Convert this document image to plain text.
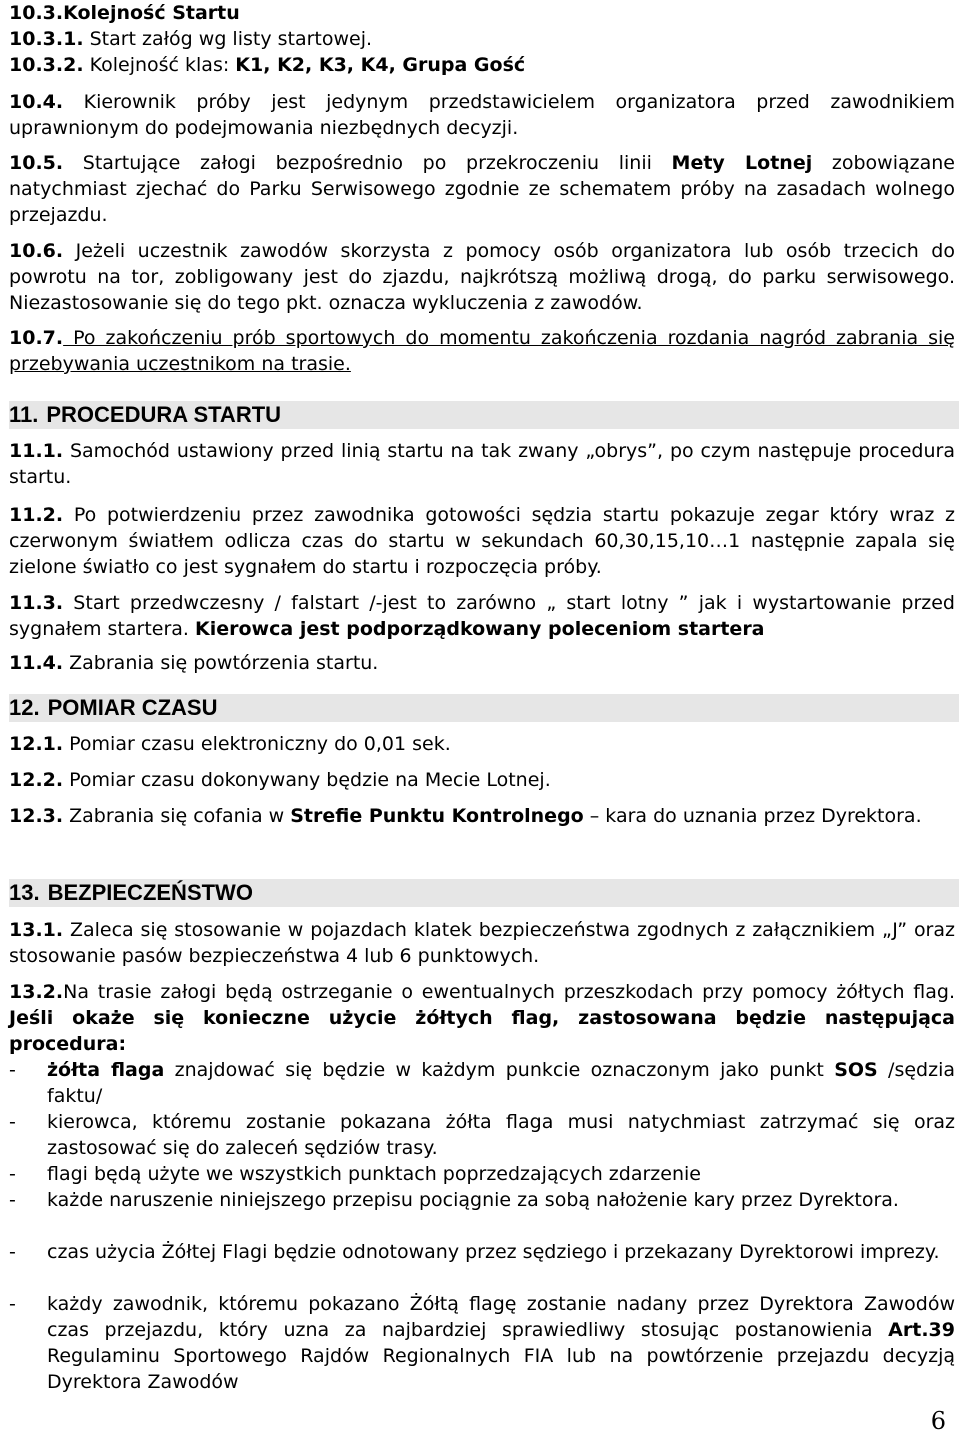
10.3.Kolejność Startu
10.3.1. Start załóg wg listy startowej.
10.3.2. Kolejność klas: K1, K2, K3, K4, Grupa Gość
10.4. Kierownik próby jest jedynym przedstawicielem organizatora przed zawodnikiem uprawnionym do podejmowania niezbędnych decyzji.
10.5. Startujące załogi bezpośrednio po przekroczeniu linii Mety Lotnej zobowiązane natychmiast zjechać do Parku Serwisowego zgodnie ze schematem próby na zasadach wolnego przejazdu.
10.6. Jeżeli uczestnik zawodów skorzysta z pomocy osób organizatora lub osób trzecich do powrotu na tor, zobligowany jest do zjazdu, najkrótszą możliwą drogą, do parku serwisowego. Niezastosowanie się do tego pkt. oznacza wykluczenia z zawodów.
10.7. Po zakończeniu prób sportowych do momentu zakończenia rozdania nagród zabrania się przebywania uczestnikom na trasie.
11. PROCEDURA STARTU
11.1. Samochód ustawiony przed linią startu na tak zwany „obrys”, po czym następuje procedura startu.
11.2. Po potwierdzeniu przez zawodnika gotowości sędzia startu pokazuje zegar który wraz z czerwonym światłem odlicza czas do startu w sekundach 60,30,15,10…1 następnie zapala się zielone światło co jest sygnałem do startu i rozpoczęcia próby.
11.3. Start przedwczesny / falstart /-jest to zarówno „ start lotny ” jak i wystartowanie przed sygnałem startera. Kierowca jest podporządkowany poleceniom startera
11.4. Zabrania się powtórzenia startu.
12. POMIAR CZASU
12.1. Pomiar czasu elektroniczny do 0,01 sek.
12.2. Pomiar czasu dokonywany będzie na Mecie Lotnej.
12.3. Zabrania się cofania w Strefie Punktu Kontrolnego – kara do uznania przez Dyrektora.
13. BEZPIECZEŃSTWO
13.1. Zaleca się stosowanie w pojazdach klatek bezpieczeństwa zgodnych z załącznikiem „J” oraz stosowanie pasów bezpieczeństwa 4 lub 6 punktowych.
13.2.Na trasie załogi będą ostrzeganie o ewentualnych przeszkodach przy pomocy żółtych flag. Jeśli okaże się konieczne użycie żółtych flag, zastosowana będzie następująca procedura:
-	żółta flaga znajdować się będzie w każdym punkcie oznaczonym jako punkt SOS /sędzia faktu/
-	kierowca, któremu zostanie pokazana żółta flaga musi natychmiast zatrzymać się oraz zastosować się do zaleceń sędziów trasy.
-	flagi będą użyte we wszystkich punktach poprzedzających zdarzenie
-	każde naruszenie niniejszego przepisu pociągnie za sobą nałożenie kary przez Dyrektora.
-	czas użycia Żółtej Flagi będzie odnotowany przez sędziego i przekazany Dyrektorowi imprezy.
-	każdy zawodnik, któremu pokazano Żółtą flagę zostanie nadany przez Dyrektora Zawodów czas przejazdu, który uzna za najbardziej sprawiedliwy stosując postanowienia Art.39 Regulaminu Sportowego Rajdów Regionalnych FIA lub na powtórzenie przejazdu decyzją Dyrektora Zawodów
6
